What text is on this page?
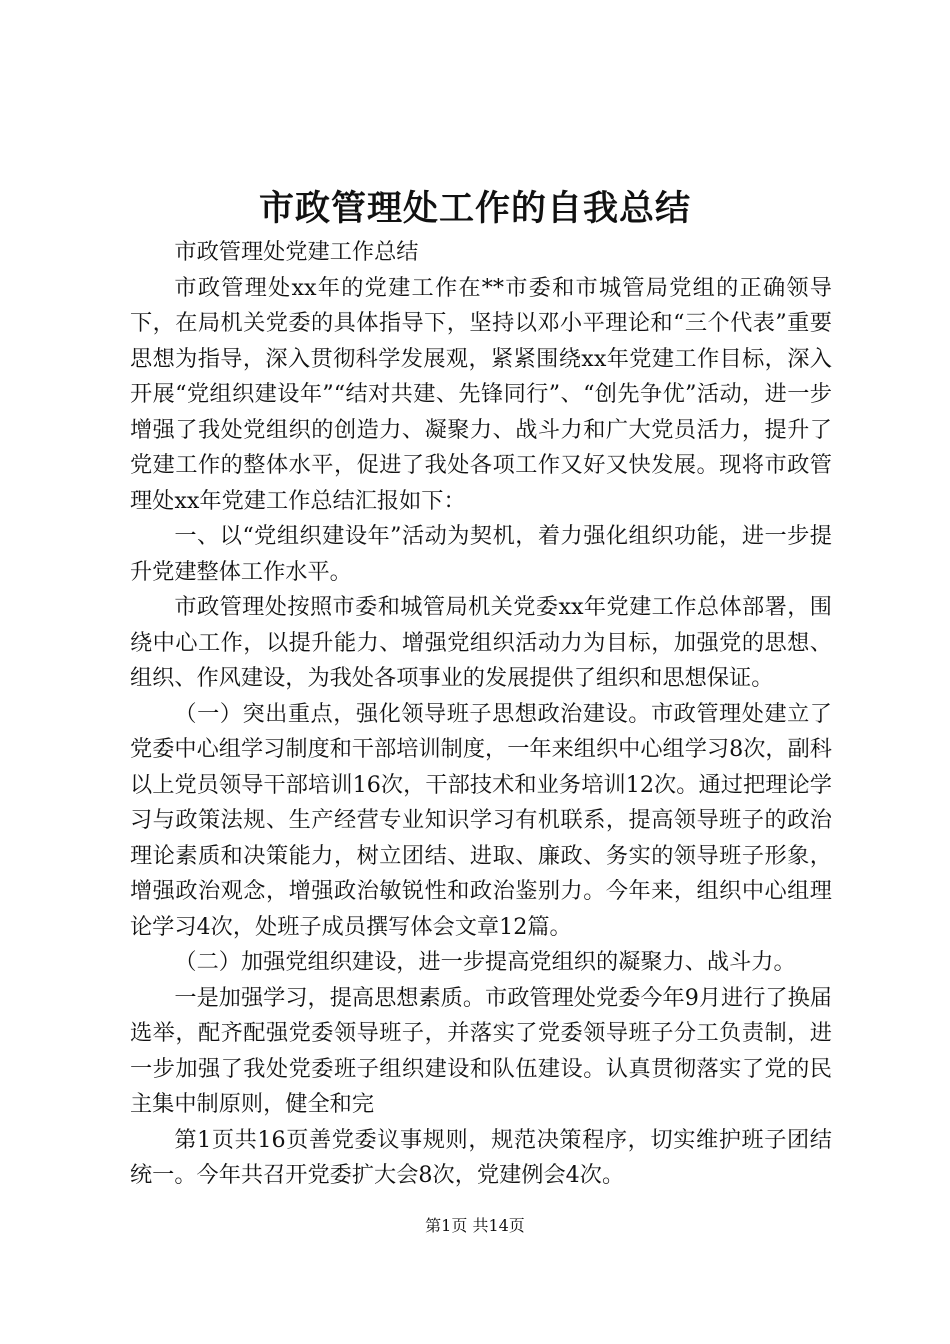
市政管理处工作的自我总结

市政管理处党建工作总结

市政管理处xx年的党建工作在**市委和市城管局党组的正确领导下，在局机关党委的具体指导下，坚持以邓小平理论和“三个代表”重要思想为指导，深入贯彻科学发展观，紧紧围绕xx年党建工作目标，深入开展“党组织建设年”“结对共建、先锋同行”、“创先争优”活动，进一步增强了我处党组织的创造力、凝聚力、战斗力和广大党员活力，提升了党建工作的整体水平，促进了我处各项工作又好又快发展。现将市政管理处xx年党建工作总结汇报如下：

一、以“党组织建设年”活动为契机，着力强化组织功能，进一步提升党建整体工作水平。

市政管理处按照市委和城管局机关党委xx年党建工作总体部署，围绕中心工作，以提升能力、增强党组织活动力为目标，加强党的思想、组织、作风建设，为我处各项事业的发展提供了组织和思想保证。

（一）突出重点，强化领导班子思想政治建设。市政管理处建立了党委中心组学习制度和干部培训制度，一年来组织中心组学习8次，副科以上党员领导干部培训16次，干部技术和业务培训12次。通过把理论学习与政策法规、生产经营专业知识学习有机联系，提高领导班子的政治理论素质和决策能力，树立团结、进取、廉政、务实的领导班子形象，增强政治观念，增强政治敏锐性和政治鉴别力。今年来，组织中心组理论学习4次，处班子成员撰写体会文章12篇。

（二）加强党组织建设，进一步提高党组织的凝聚力、战斗力。

一是加强学习，提高思想素质。市政管理处党委今年9月进行了换届选举，配齐配强党委领导班子，并落实了党委领导班子分工负责制，进一步加强了我处党委班子组织建设和队伍建设。认真贯彻落实了党的民主集中制原则，健全和完

第1页共16页善党委议事规则，规范决策程序，切实维护班子团结统一。今年共召开党委扩大会8次，党建例会4次。

第1页 共14页
